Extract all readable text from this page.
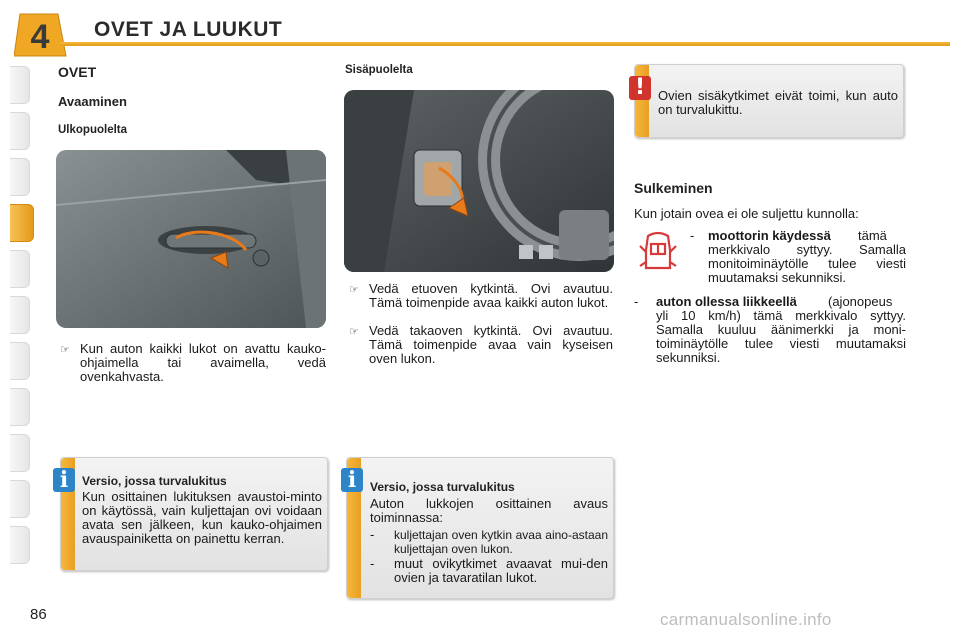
4 OVET JA LUUKUT
OVET
Avaaminen
Ulkopuolelta
☞ Kun auton kaikki lukot on avattu kauko-ohjaimella tai avaimella, vedä ovenkahvasta.
i	Versio, jossa turvalukitus
Kun osittainen lukituksen avaustoi-minto on käytössä, vain kuljettajan ovi voidaan avata sen jälkeen, kun kauko-ohjaimen avauspainiketta on painettu kerran.
Sisäpuolelta
☞ Vedä etuoven kytkintä. Ovi avautuu. Tämä toimenpide avaa kaikki auton lukot.
☞ Vedä takaoven kytkintä. Ovi avautuu. Tämä toimenpide avaa vain kyseisen oven lukon.
i	Versio, jossa turvalukitus
Auton lukkojen osittainen avaus toiminnassa:
- kuljettajan oven kytkin avaa aino-astaan kuljettajan oven lukon.
- muut ovikytkimet avaavat mui-den ovien ja tavaratilan lukot.
! Ovien sisäkytkimet eivät toimi, kun auto on turvalukittu.
Sulkeminen
Kun jotain ovea ei ole suljettu kunnolla:
- moottorin käydessä	tämä merkkivalo syttyy. Samalla monitoiminäytölle tulee viesti muutamaksi sekunniksi.
- auton ollessa liikkeellä	(ajonopeus yli 10 km/h) tämä merkkivalo syttyy. Samalla kuuluu äänimerkki ja moni-toiminäytölle tulee viesti muutamaksi sekunniksi.
86	carmanualsonline.info
